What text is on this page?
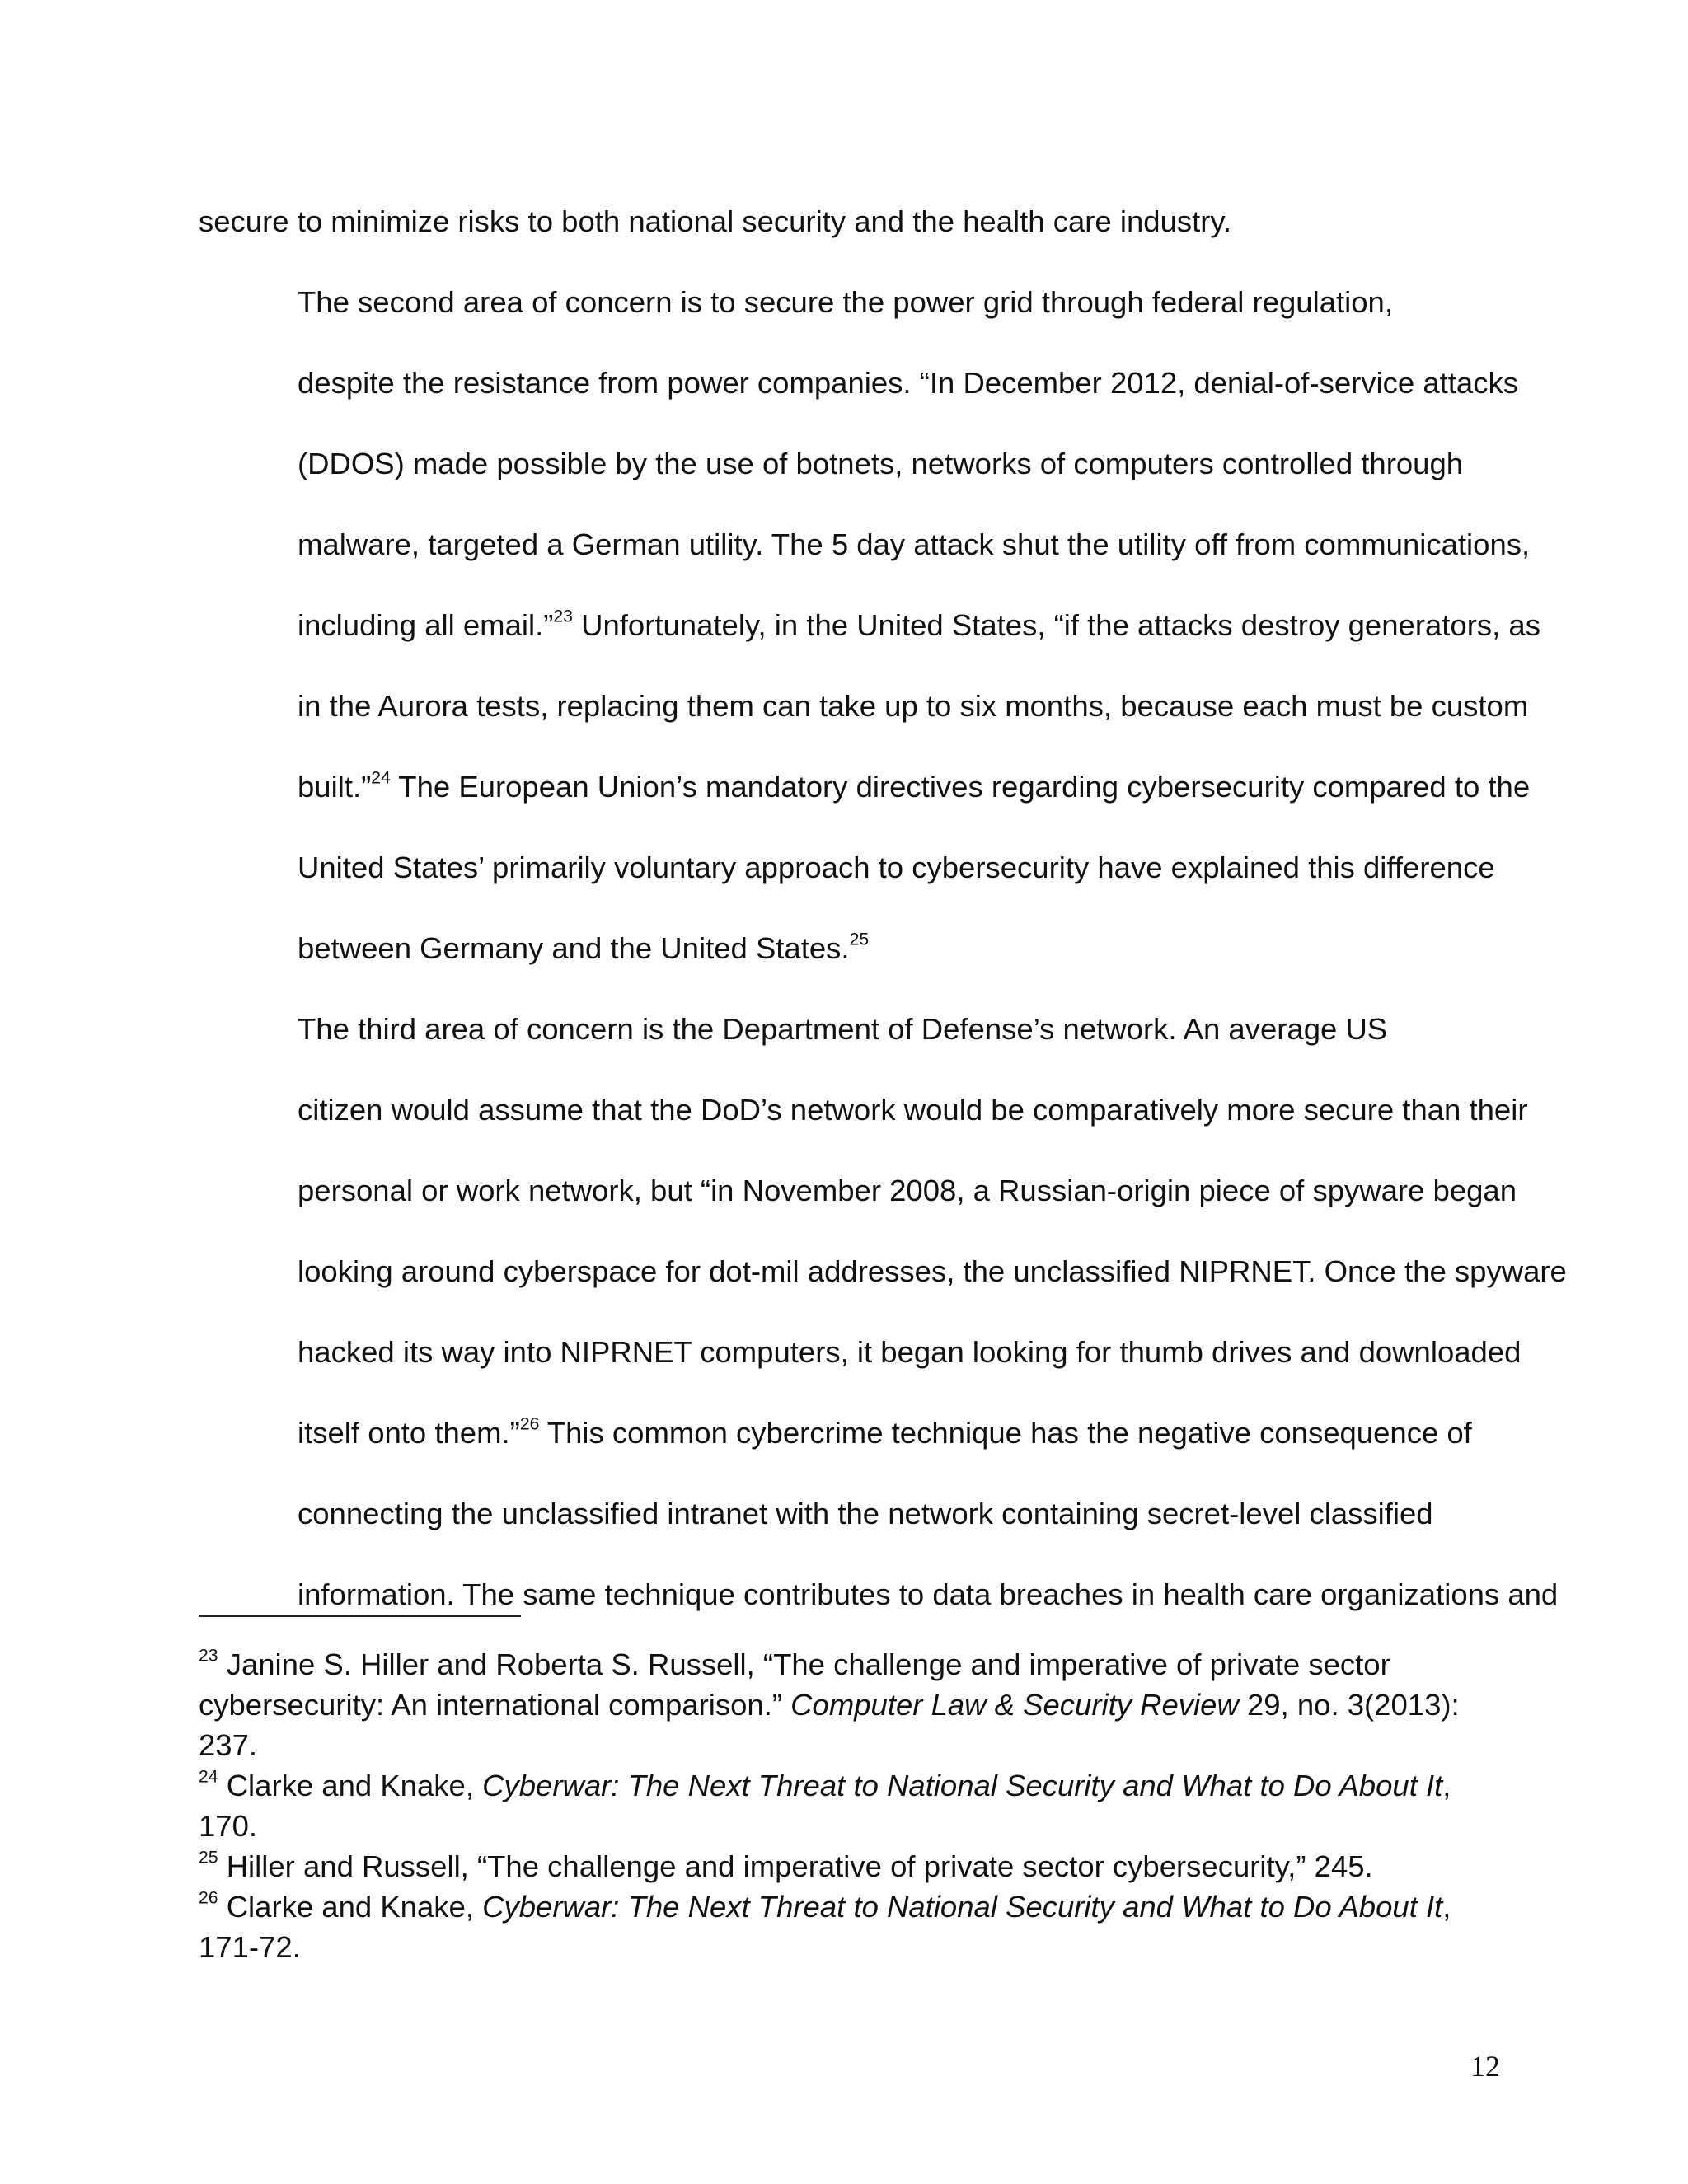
secure to minimize risks to both national security and the health care industry.

The second area of concern is to secure the power grid through federal regulation,
despite the resistance from power companies. “In December 2012, denial-of-service attacks
(DDOS) made possible by the use of botnets, networks of computers controlled through
malware, targeted a German utility. The 5 day attack shut the utility off from communications,
including all email.”$^{23}$ Unfortunately, in the United States, “if the attacks destroy generators, as
in the Aurora tests, replacing them can take up to six months, because each must be custom
built.”$^{24}$ The European Union’s mandatory directives regarding cybersecurity compared to the
United States’ primarily voluntary approach to cybersecurity have explained this difference
between Germany and the United States.$^{25}$

The third area of concern is the Department of Defense’s network. An average US
citizen would assume that the DoD’s network would be comparatively more secure than their
personal or work network, but “in November 2008, a Russian-origin piece of spyware began
looking around cyberspace for dot-mil addresses, the unclassified NIPRNET. Once the spyware
hacked its way into NIPRNET computers, it began looking for thumb drives and downloaded
itself onto them.”$^{26}$ This common cybercrime technique has the negative consequence of
connecting the unclassified intranet with the network containing secret-level classified
information. The same technique contributes to data breaches in health care organizations and

$^{23}$ Janine S. Hiller and Roberta S. Russell, “The challenge and imperative of private sector
cybersecurity: An international comparison.” Computer Law & Security Review 29, no. 3(2013):
237.

$^{24}$ Clarke and Knake, Cyberwar: The Next Threat to National Security and What to Do About It,
170.

$^{25}$ Hiller and Russell, “The challenge and imperative of private sector cybersecurity,” 245.

$^{26}$ Clarke and Knake, Cyberwar: The Next Threat to National Security and What to Do About It,
171-72.

12
